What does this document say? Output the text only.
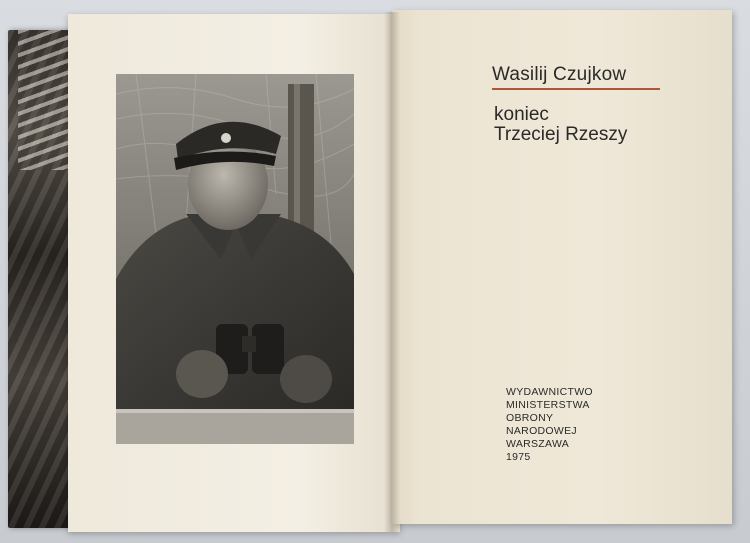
Wasilij Czujkow
koniec
Trzeciej Rzeszy
WYDAWNICTWO
MINISTERSTWA
OBRONY
NARODOWEJ
WARSZAWA
1975
